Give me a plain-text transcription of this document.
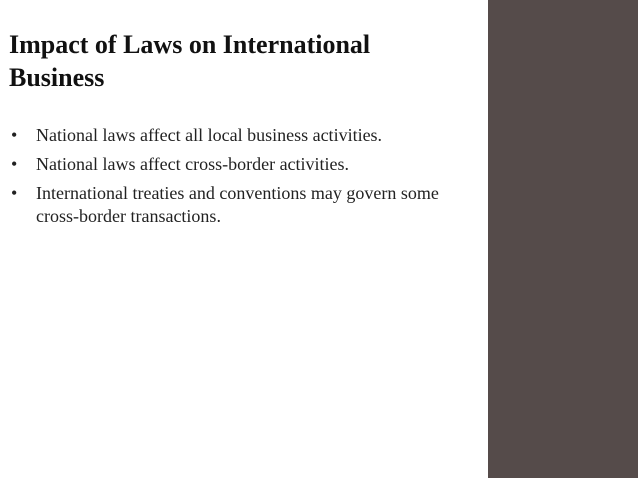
Impact of Laws on International
Business
• National laws affect all local business activities.
• National laws affect cross-border activities.
• International treaties and conventions may govern some cross-border transactions.
